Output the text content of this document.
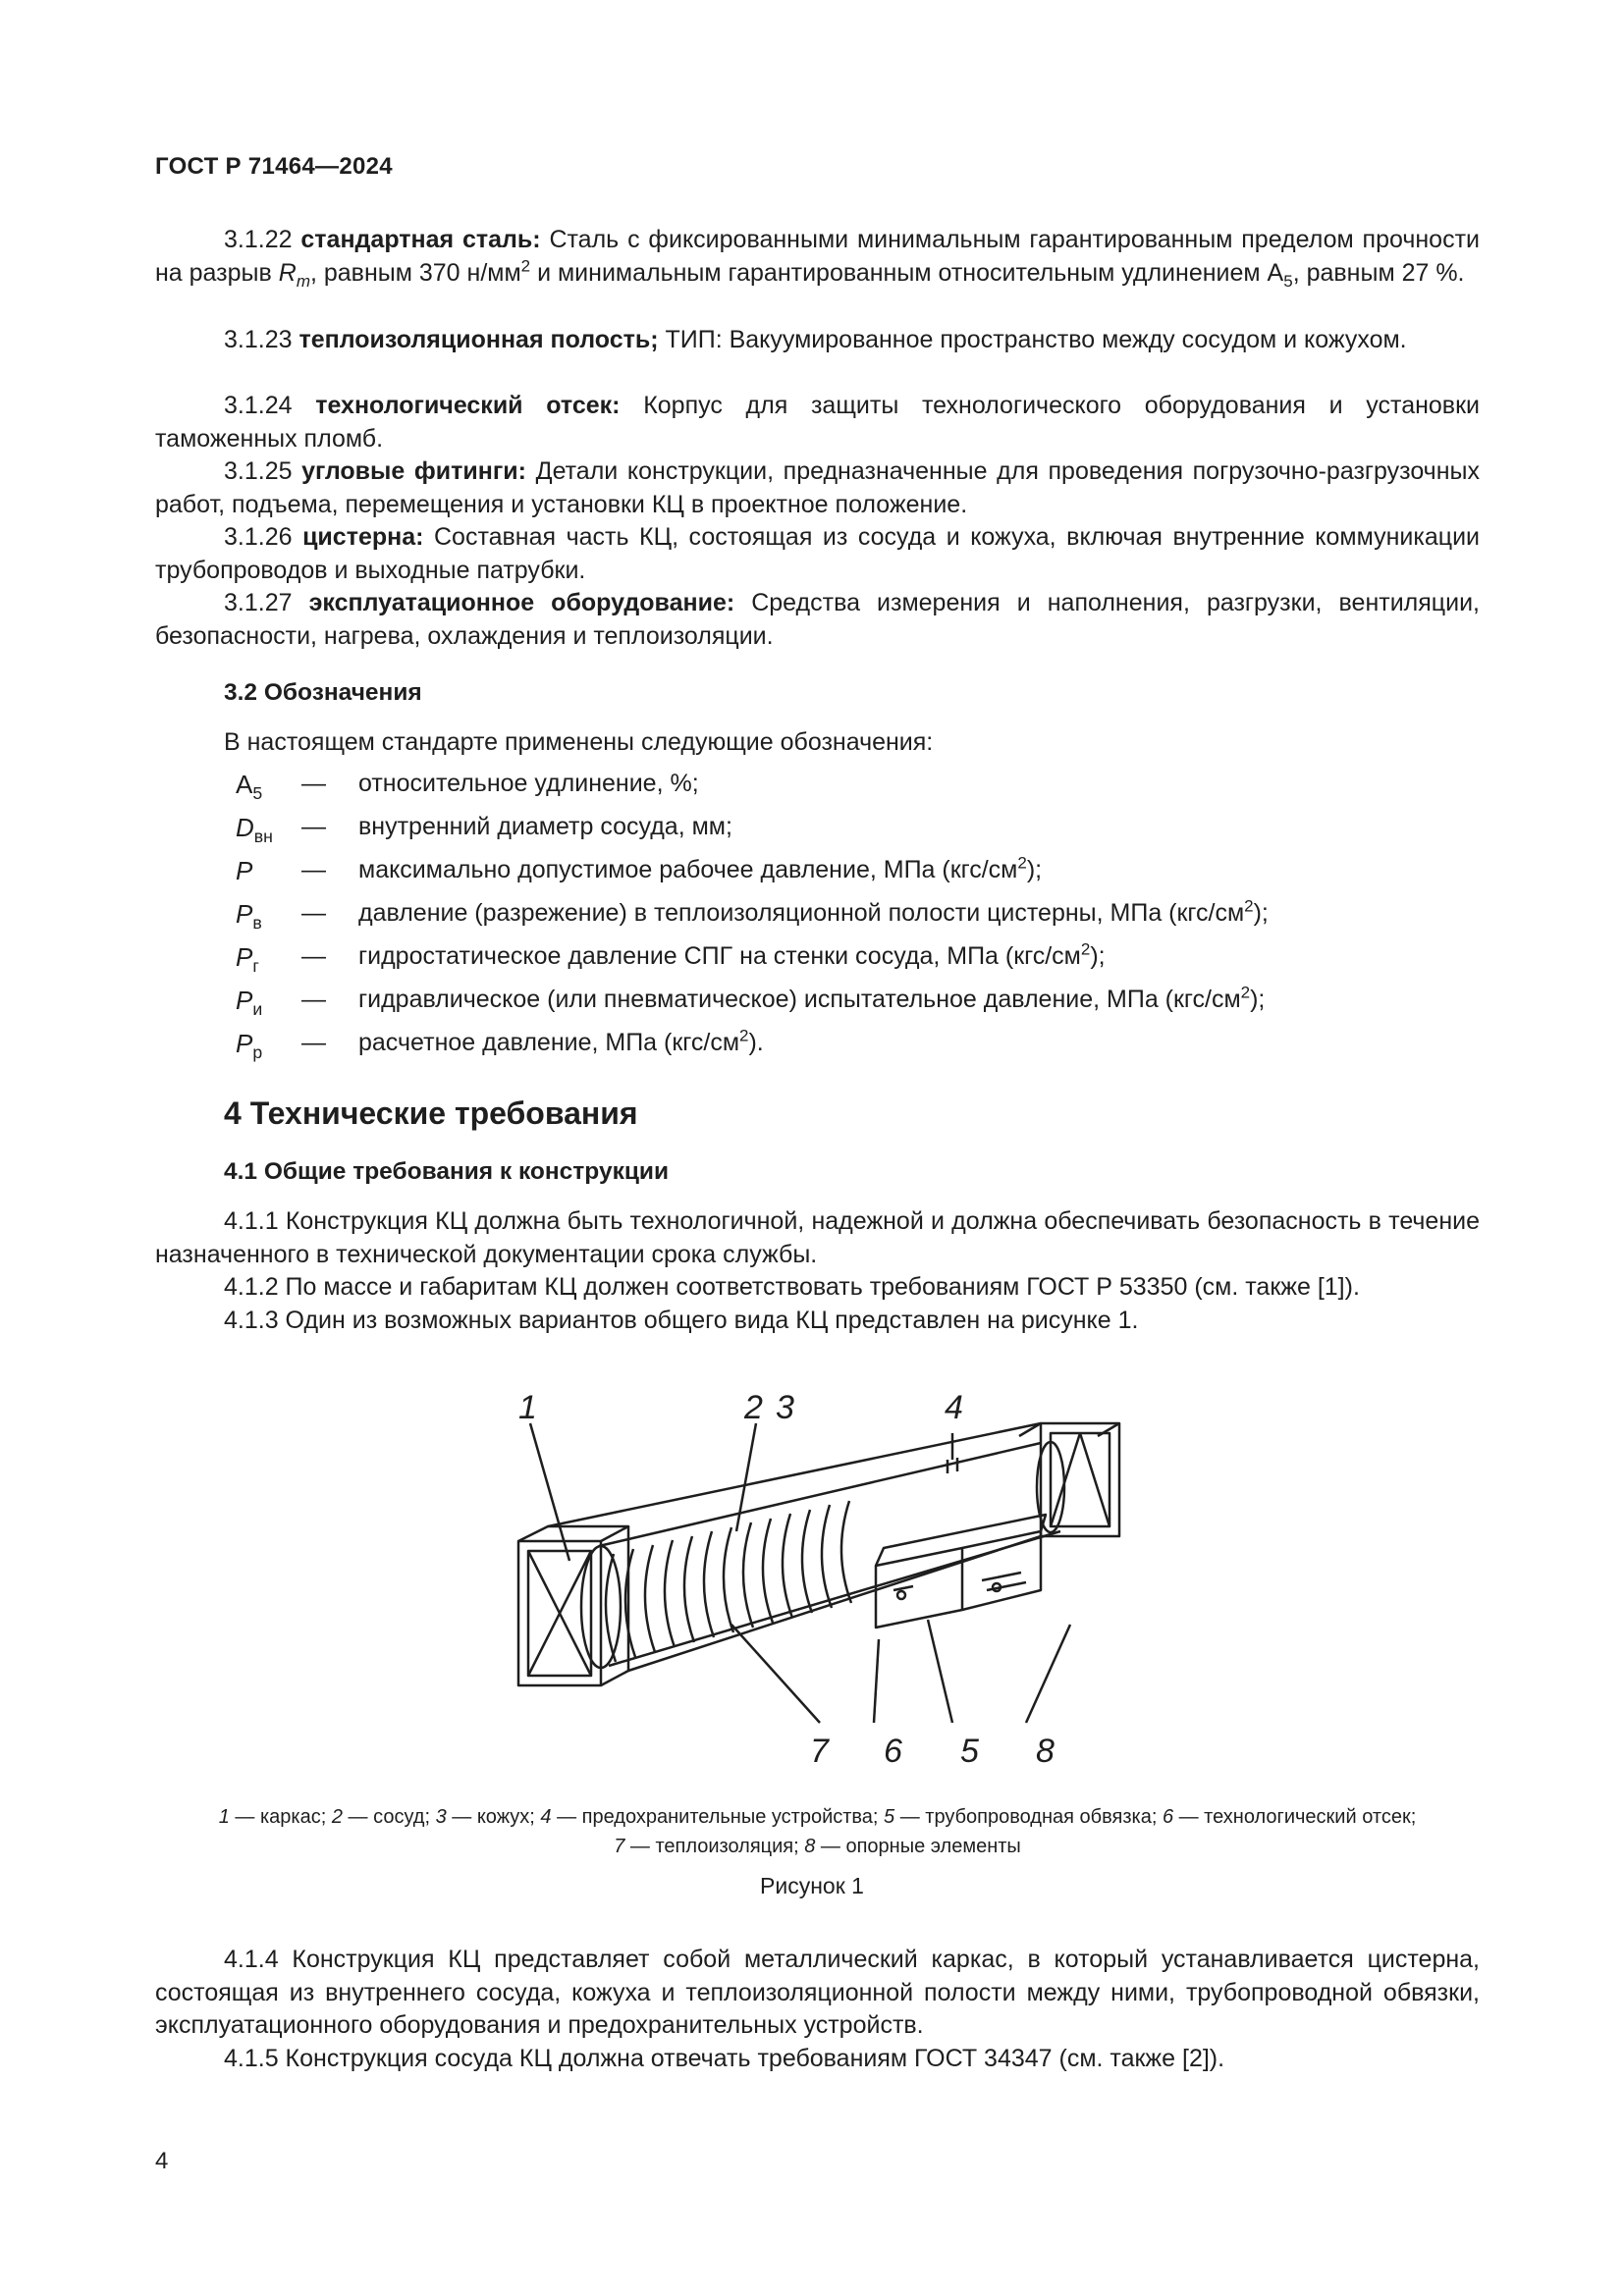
ГОСТ Р 71464—2024

3.1.22 стандартная сталь: Сталь с фиксированными минимальным гарантированным пределом прочности на разрыв $R_m$, равным 370 $н/мм^2$ и минимальным гарантированным относительным удлинением $А_5$, равным 27 %.

3.1.23 теплоизоляционная полость; ТИП: Вакуумированное пространство между сосудом и кожухом.

3.1.24 технологический отсек: Корпус для защиты технологического оборудования и установки таможенных пломб.

3.1.25 угловые фитинги: Детали конструкции, предназначенные для проведения погрузочно-разгрузочных работ, подъема, перемещения и установки КЦ в проектное положение.

3.1.26 цистерна: Составная часть КЦ, состоящая из сосуда и кожуха, включая внутренние коммуникации трубопроводов и выходные патрубки.

3.1.27 эксплуатационное оборудование: Средства измерения и наполнения, разгрузки, вентиляции, безопасности, нагрева, охлаждения и теплоизоляции.

3.2 Обозначения

В настоящем стандарте применены следующие обозначения:

$А_5$ — относительное удлинение, %;
$D_{вн}$ — внутренний диаметр сосуда, мм;
P — максимально допустимое рабочее давление, МПа $(кгс/см^2)$;
$P_в$ — давление (разрежение) в теплоизоляционной полости цистерны, МПа $(кгс/см^2)$;
$P_г$ — гидростатическое давление СПГ на стенки сосуда, МПа $(кгс/см^2)$;
$P_и$ — гидравлическое (или пневматическое) испытательное давление, МПа $(кгс/см^2)$;
$P_р$ — расчетное давление, МПа $(кгс/см^2)$.
4 Технические требования
4.1 Общие требования к конструкции

4.1.1 Конструкция КЦ должна быть технологичной, надежной и должна обеспечивать безопасность в течение назначенного в технической документации срока службы.

4.1.2 По массе и габаритам КЦ должен соответствовать требованиям ГОСТ Р 53350 (см. также [1]).

4.1.3 Один из возможных вариантов общего вида КЦ представлен на рисунке 1.

1	2 3	4
7 6 5 8
1 — каркас; 2 — сосуд; 3 — кожух; 4 — предохранительные устройства; 5 — трубопроводная обвязка; 6 — технологический отсек;
7 — теплоизоляция; 8 — опорные элементы
Рисунок 1

4.1.4 Конструкция КЦ представляет собой металлический каркас, в который устанавливается цистерна, состоящая из внутреннего сосуда, кожуха и теплоизоляционной полости между ними, трубопроводной обвязки, эксплуатационного оборудования и предохранительных устройств.

4.1.5 Конструкция сосуда КЦ должна отвечать требованиям ГОСТ 34347 (см. также [2]).

4
